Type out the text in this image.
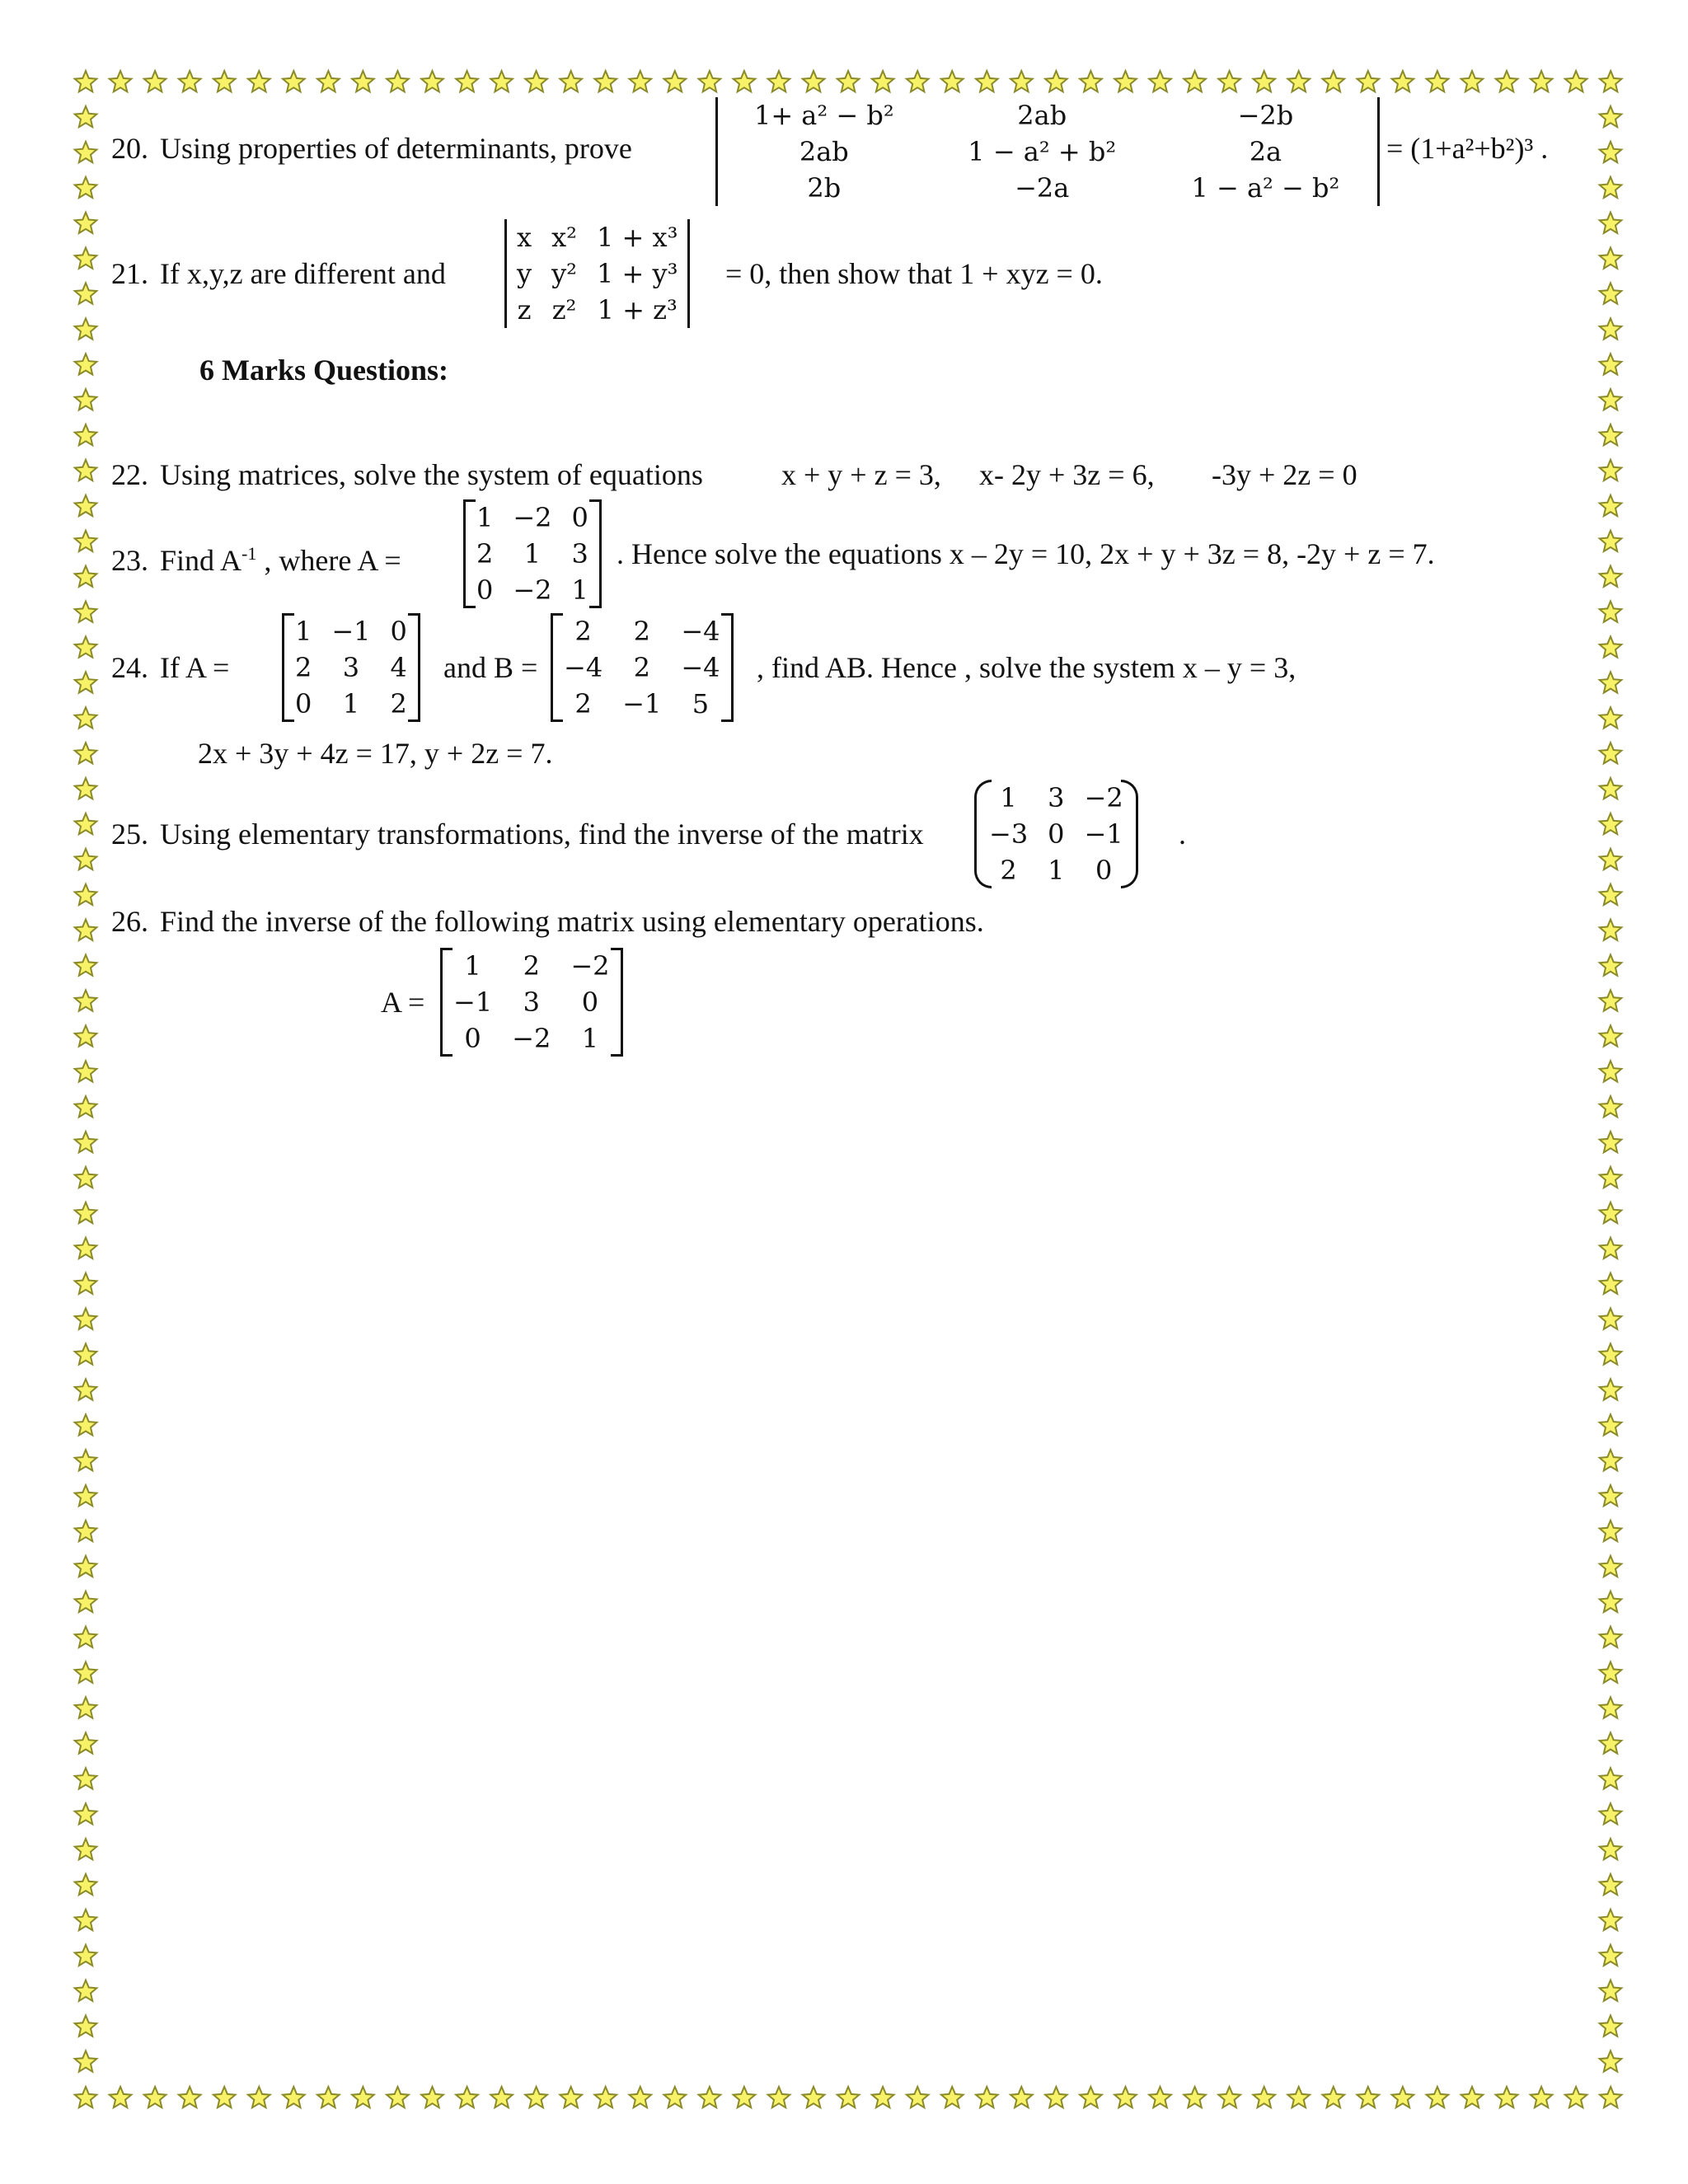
20. Using properties of determinants, prove
1+ a² − b²	2ab	−2b
2ab	1 − a² + b²	2a
2b	−2a	1 − a² − b²
= (1+a²+b²)³ .
21. If x,y,z are different and
x	x²	1 + x³
y	y²	1 + y³
z	z²	1 + z³
= 0, then show that 1 + xyz = 0.
6 Marks Questions:
22. Using matrices, solve the system of equations	x + y + z = 3, x- 2y + 3z = 6, -3y + 2z = 0
23. Find $A^{-1}$ , where A =
1	−2	0
2	1	3
0	−2	1
. Hence solve the equations x – 2y = 10, 2x + y + 3z = 8, -2y + z = 7.
24. If A =
1	−1	0
2	3	4
0	1	2
and B =
2	2	−4
−4	2	−4
2	−1	5
, find AB. Hence , solve the system x – y = 3,
2x + 3y + 4z = 17, y + 2z = 7.
25. Using elementary transformations, find the inverse of the matrix
1	3	−2
−3	0	−1
2	1	0
.
26. Find the inverse of the following matrix using elementary operations.
A =
1	2	−2
−1	3	0
0	−2	1
